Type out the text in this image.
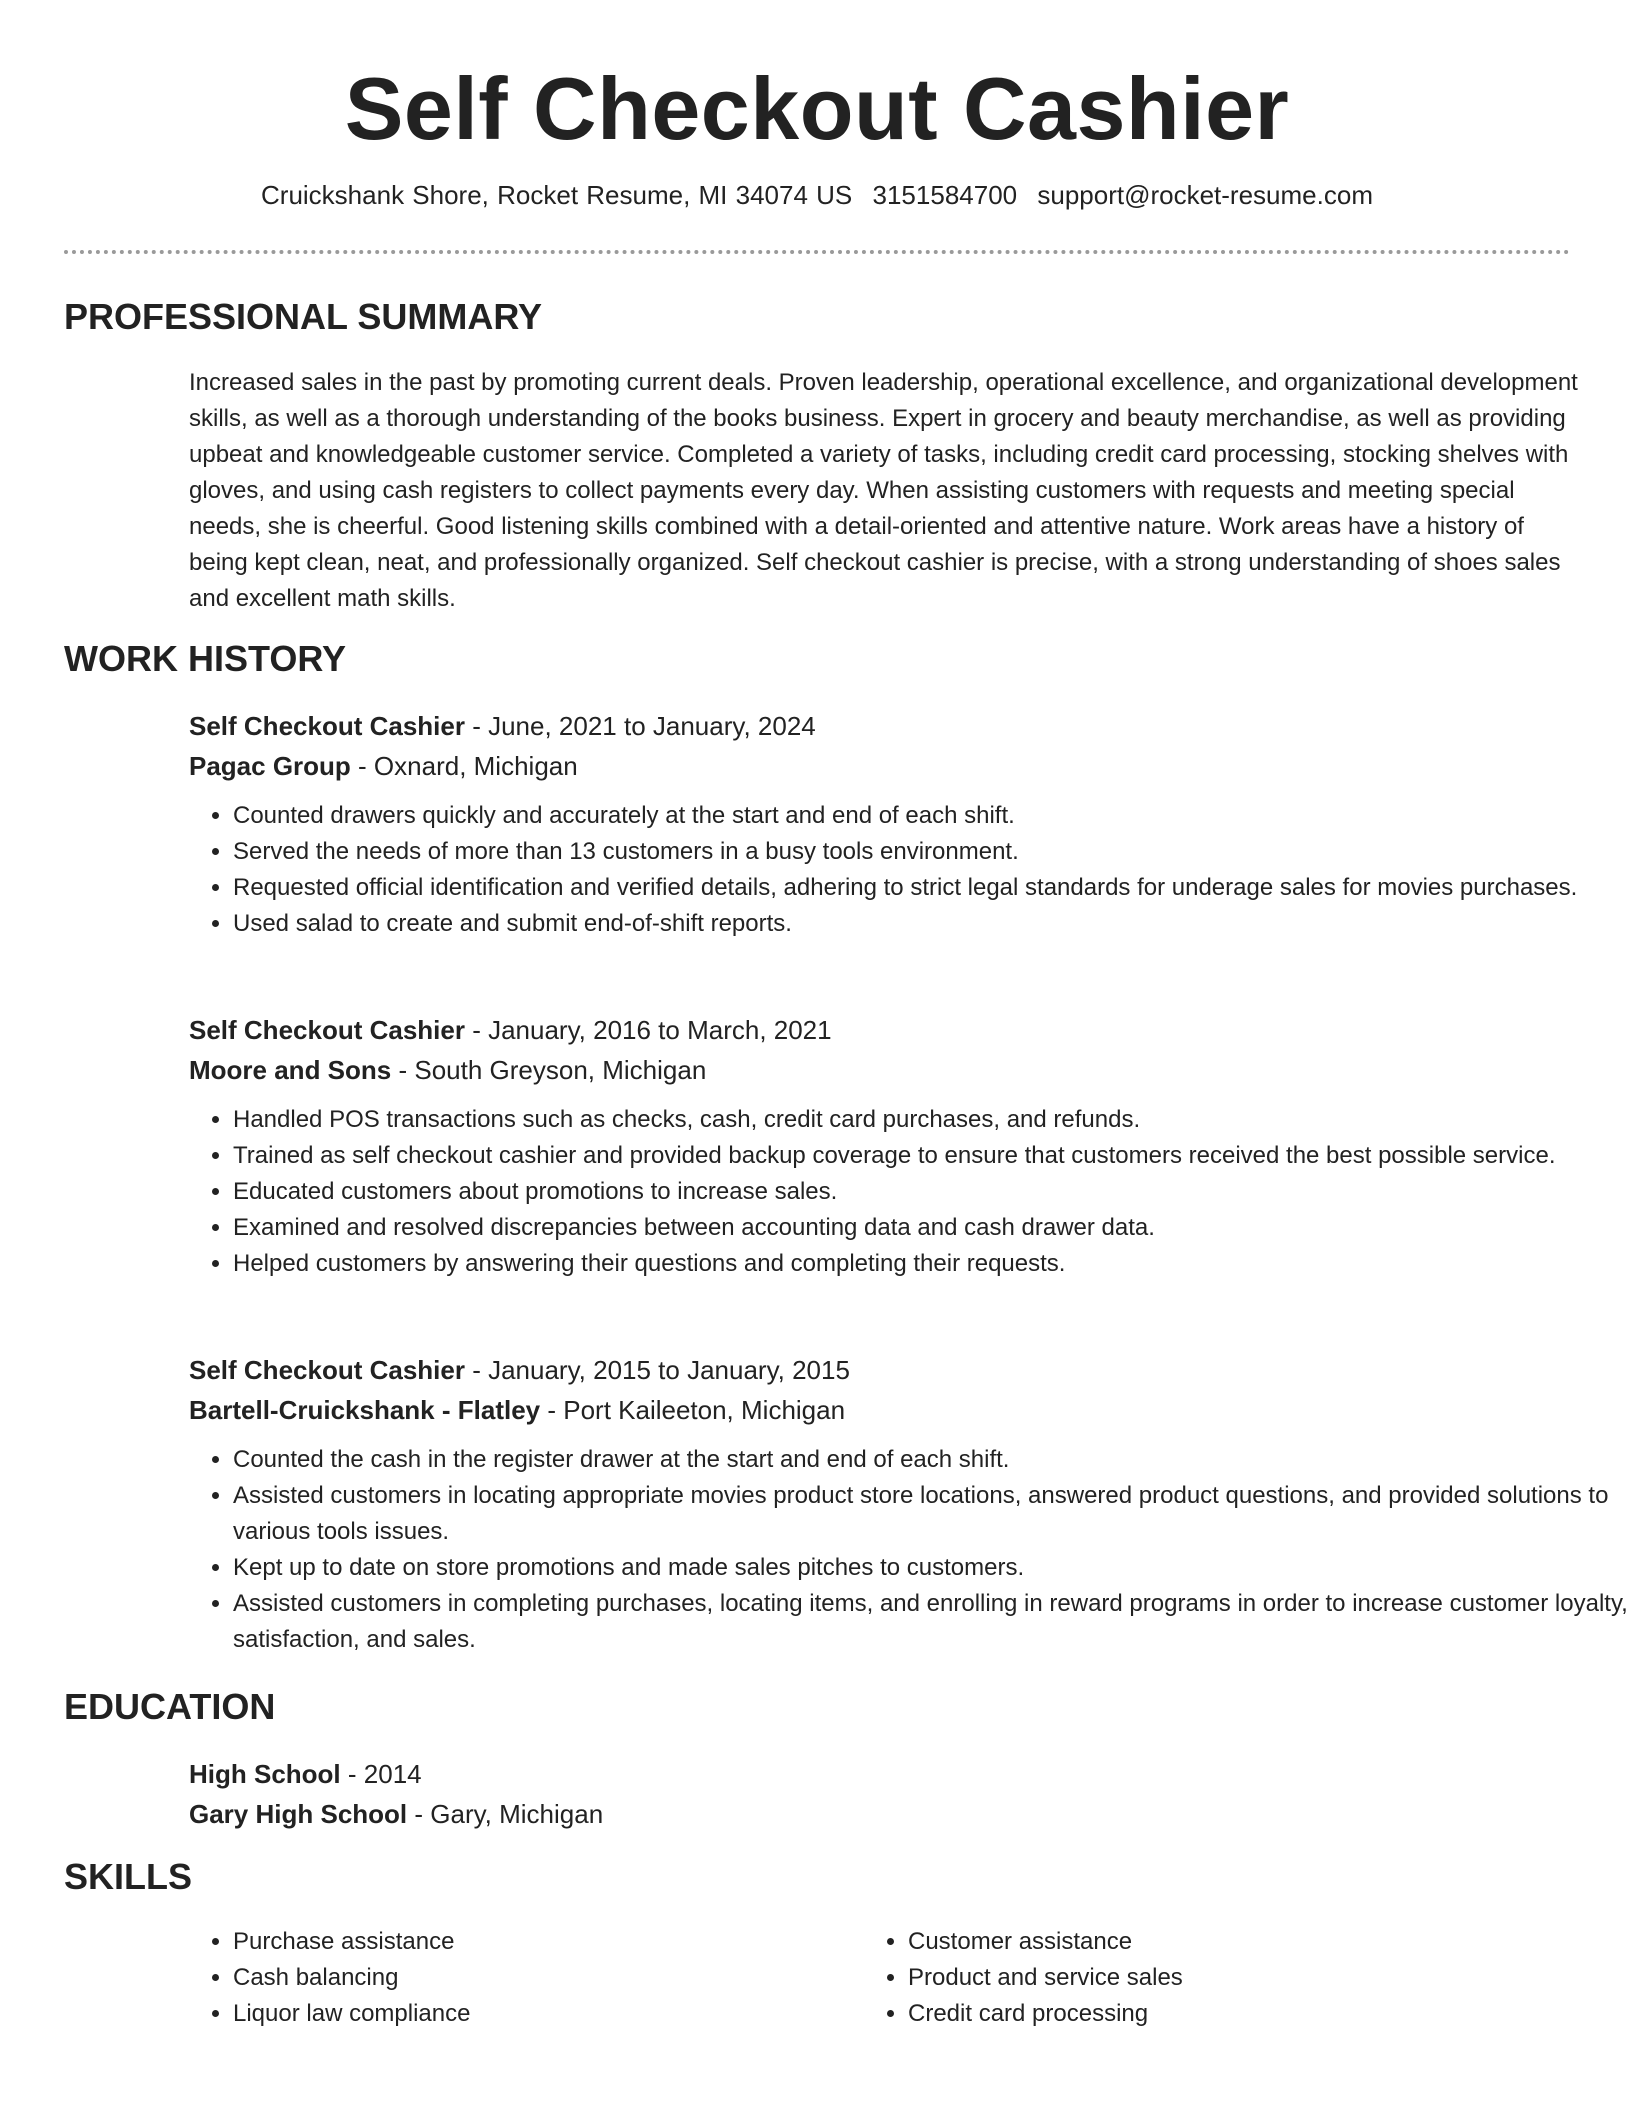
Self Checkout Cashier
Cruickshank Shore, Rocket Resume, MI 34074 US 3151584700 support@rocket-resume.com
PROFESSIONAL SUMMARY
Increased sales in the past by promoting current deals. Proven leadership, operational excellence, and organizational development skills, as well as a thorough understanding of the books business. Expert in grocery and beauty merchandise, as well as providing upbeat and knowledgeable customer service. Completed a variety of tasks, including credit card processing, stocking shelves with gloves, and using cash registers to collect payments every day. When assisting customers with requests and meeting special needs, she is cheerful. Good listening skills combined with a detail-oriented and attentive nature. Work areas have a history of being kept clean, neat, and professionally organized. Self checkout cashier is precise, with a strong understanding of shoes sales and excellent math skills.
WORK HISTORY
Self Checkout Cashier - June, 2021 to January, 2024
Pagac Group - Oxnard, Michigan
• Counted drawers quickly and accurately at the start and end of each shift.
• Served the needs of more than 13 customers in a busy tools environment.
• Requested official identification and verified details, adhering to strict legal standards for underage sales for movies purchases.
• Used salad to create and submit end-of-shift reports.
Self Checkout Cashier - January, 2016 to March, 2021
Moore and Sons - South Greyson, Michigan
• Handled POS transactions such as checks, cash, credit card purchases, and refunds.
• Trained as self checkout cashier and provided backup coverage to ensure that customers received the best possible service.
• Educated customers about promotions to increase sales.
• Examined and resolved discrepancies between accounting data and cash drawer data.
• Helped customers by answering their questions and completing their requests.
Self Checkout Cashier - January, 2015 to January, 2015
Bartell-Cruickshank - Flatley - Port Kaileeton, Michigan
• Counted the cash in the register drawer at the start and end of each shift.
• Assisted customers in locating appropriate movies product store locations, answered product questions, and provided solutions to various tools issues.
• Kept up to date on store promotions and made sales pitches to customers.
• Assisted customers in completing purchases, locating items, and enrolling in reward programs in order to increase customer loyalty, satisfaction, and sales.
EDUCATION
High School - 2014
Gary High School - Gary, Michigan
SKILLS
• Purchase assistance
• Cash balancing
• Liquor law compliance
• Customer assistance
• Product and service sales
• Credit card processing
